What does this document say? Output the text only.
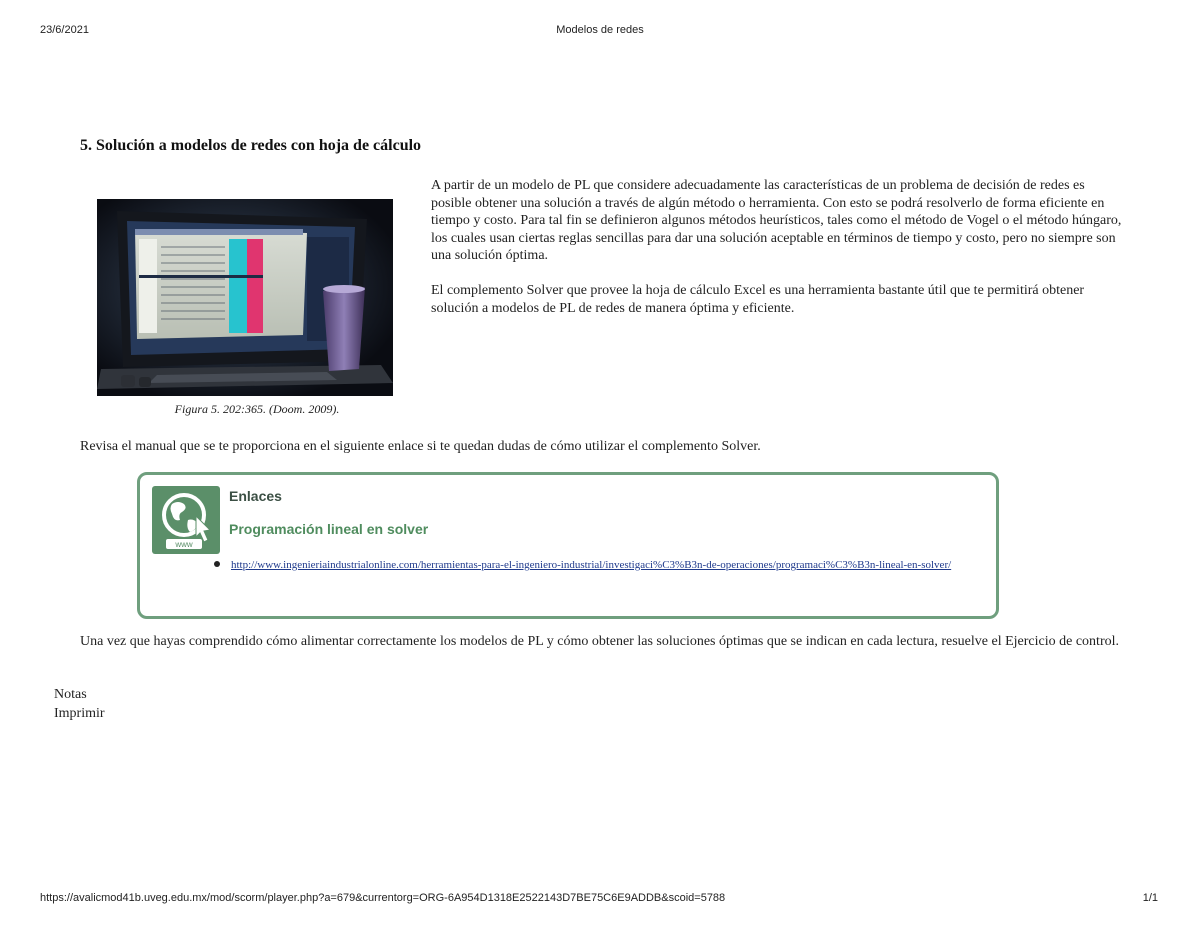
23/6/2021	Modelos de redes
5. Solución a modelos de redes con hoja de cálculo
Figura 5. 202:365. (Doom. 2009).

A partir de un modelo de PL que considere adecuadamente las características de un problema de decisión de redes es posible obtener una solución a través de algún método o herramienta. Con esto se podrá resolverlo de forma eficiente en tiempo y costo. Para tal fin se definieron algunos métodos heurísticos, tales como el método de Vogel o el método húngaro, los cuales usan ciertas reglas sencillas para dar una solución aceptable en términos de tiempo y costo, pero no siempre son una solución óptima.

El complemento Solver que provee la hoja de cálculo Excel es una herramienta bastante útil que te permitirá obtener solución a modelos de PL de redes de manera óptima y eficiente.

Revisa el manual que se te proporciona en el siguiente enlace si te quedan dudas de cómo utilizar el complemento Solver.

www
Enlaces
Programación lineal en solver
http://www.ingenieriaindustrialonline.com/herramientas-para-el-ingeniero-industrial/investigaci%C3%B3n-de-operaciones/programaci%C3%B3n-lineal-en-solver/

Una vez que hayas comprendido cómo alimentar correctamente los modelos de PL y cómo obtener las soluciones óptimas que se indican en cada lectura, resuelve el Ejercicio de control.

Notas
Imprimir
https://avalicmod41b.uveg.edu.mx/mod/scorm/player.php?a=679&currentorg=ORG-6A954D1318E2522143D7BE75C6E9ADDB&scoid=5788	1/1
